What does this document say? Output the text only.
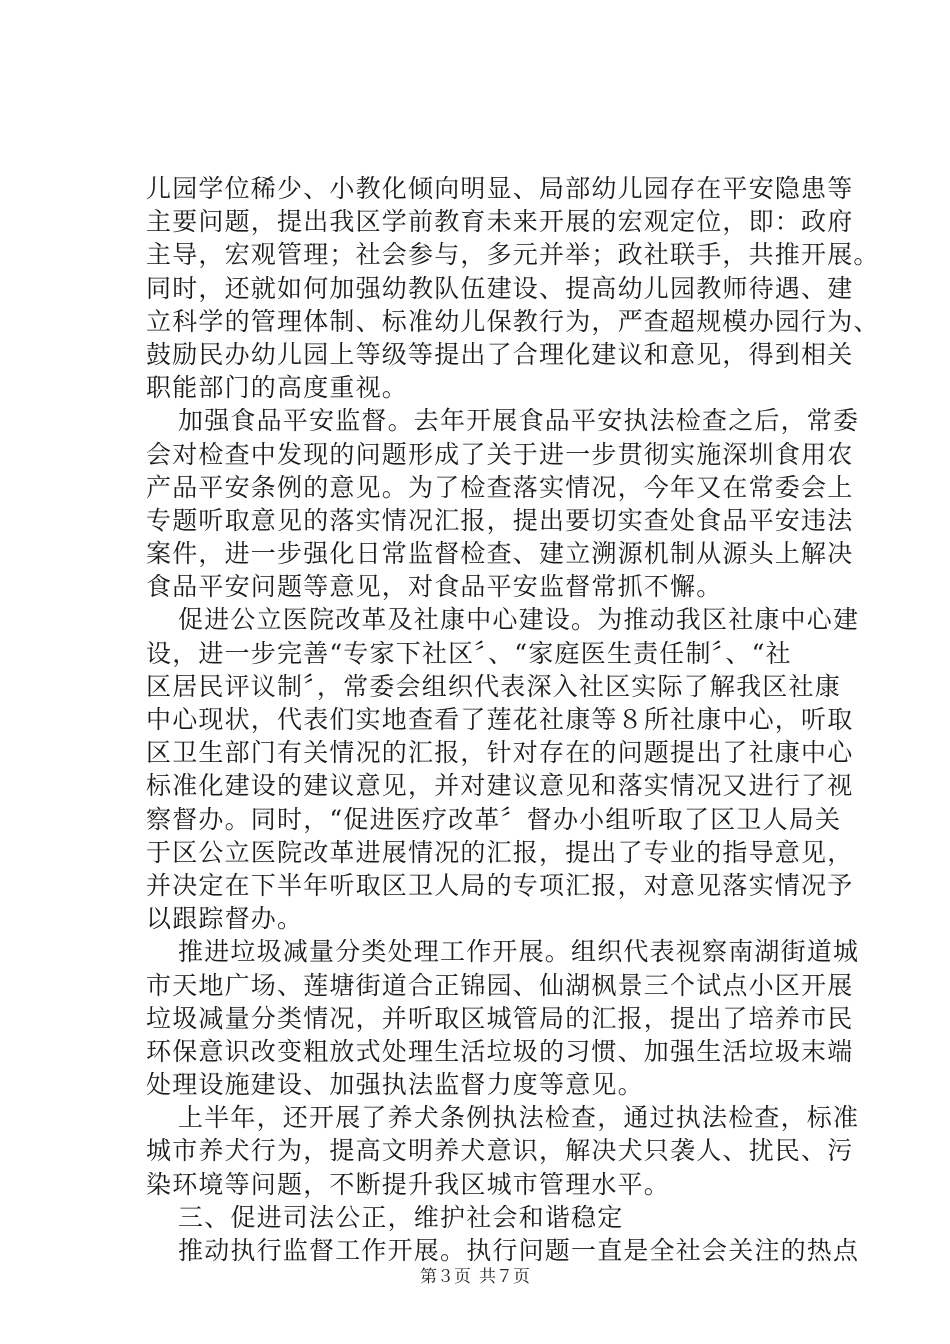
儿园学位稀少、小教化倾向明显、局部幼儿园存在平安隐患等
主要问题，提出我区学前教育未来开展的宏观定位，即：政府
主导，宏观管理；社会参与，多元并举；政社联手，共推开展。
同时，还就如何加强幼教队伍建设、提高幼儿园教师待遇、建
立科学的管理体制、标准幼儿保教行为，严查超规模办园行为、
鼓励民办幼儿园上等级等提出了合理化建议和意见，得到相关
职能部门的高度重视。
加强食品平安监督。去年开展食品平安执法检查之后，常委
会对检查中发现的问题形成了关于进一步贯彻实施深圳食用农
产品平安条例的意见。为了检查落实情况，今年又在常委会上
专题听取意见的落实情况汇报，提出要切实查处食品平安违法
案件，进一步强化日常监督检查、建立溯源机制从源头上解决
食品平安问题等意见，对食品平安监督常抓不懈。
促进公立医院改革及社康中心建设。为推动我区社康中心建
设，进一步完善“专家下社区〞、“家庭医生责任制〞、“社
区居民评议制〞，常委会组织代表深入社区实际了解我区社康
中心现状，代表们实地查看了莲花社康等８所社康中心，听取
区卫生部门有关情况的汇报，针对存在的问题提出了社康中心
标准化建设的建议意见，并对建议意见和落实情况又进行了视
察督办。同时，“促进医疗改革〞督办小组听取了区卫人局关
于区公立医院改革进展情况的汇报，提出了专业的指导意见，
并决定在下半年听取区卫人局的专项汇报，对意见落实情况予
以跟踪督办。
推进垃圾减量分类处理工作开展。组织代表视察南湖街道城
市天地广场、莲塘街道合正锦园、仙湖枫景三个试点小区开展
垃圾减量分类情况，并听取区城管局的汇报，提出了培养市民
环保意识改变粗放式处理生活垃圾的习惯、加强生活垃圾末端
处理设施建设、加强执法监督力度等意见。
上半年，还开展了养犬条例执法检查，通过执法检查，标准
城市养犬行为，提高文明养犬意识，解决犬只袭人、扰民、污
染环境等问题，不断提升我区城市管理水平。
三、促进司法公正，维护社会和谐稳定
推动执行监督工作开展。执行问题一直是全社会关注的热点
第３页 共７页
